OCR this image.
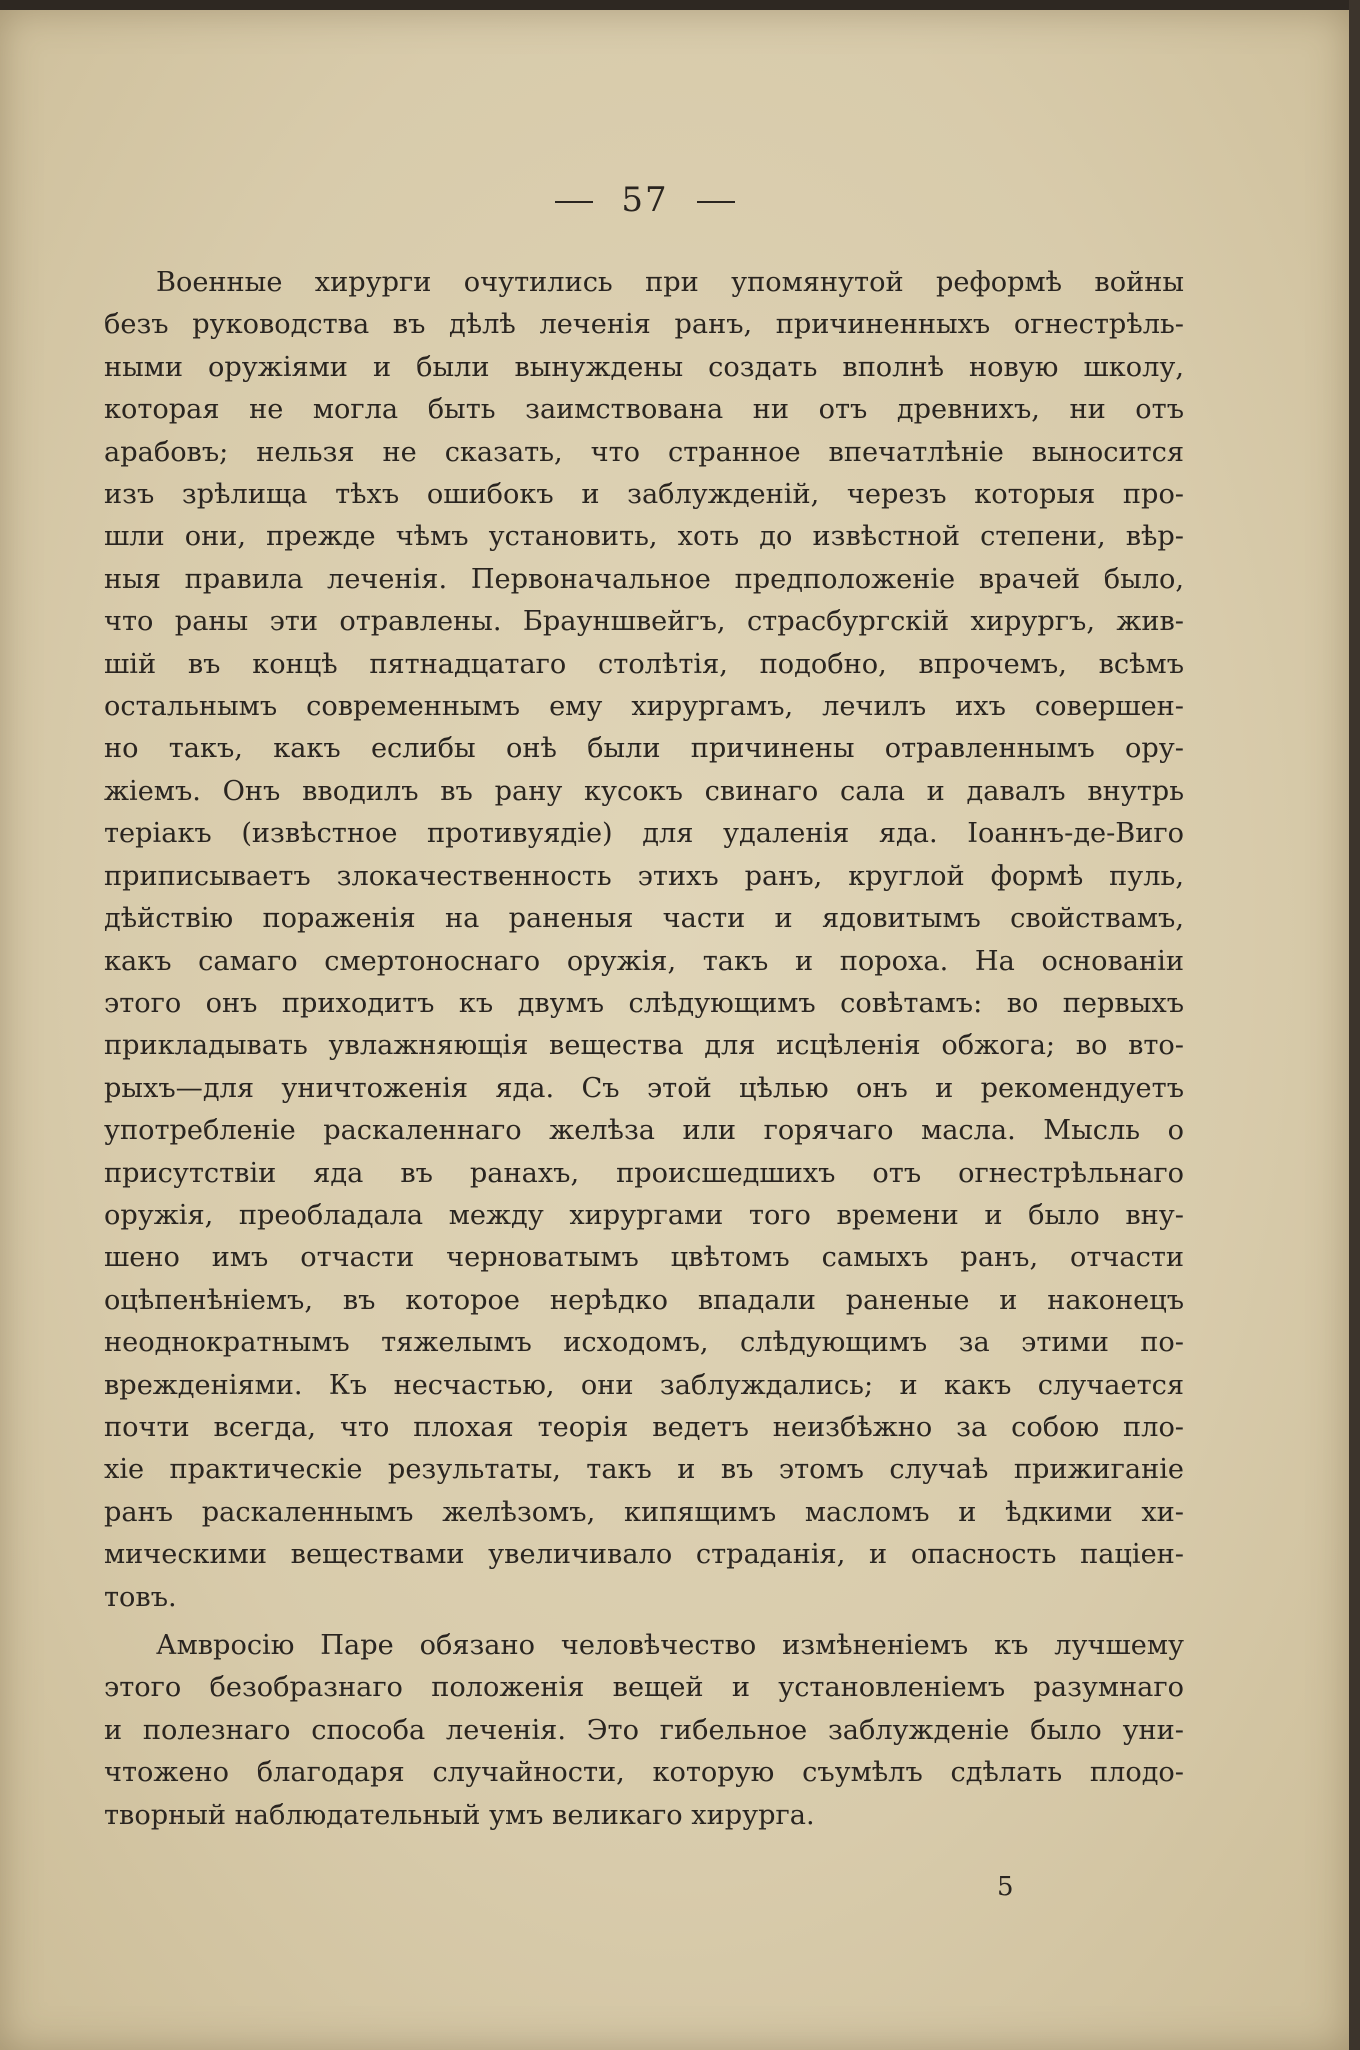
57
Военные хирурги очутились при упомянутой реформѣ войны
безъ руководства въ дѣлѣ леченія ранъ, причиненныхъ огнестрѣль-
ными оружіями и были вынуждены создать вполнѣ новую школу,
которая не могла быть заимствована ни отъ древнихъ, ни отъ
арабовъ; нельзя не сказать, что странное впечатлѣніе выносится
изъ зрѣлища тѣхъ ошибокъ и заблужденій, черезъ которыя про-
шли они, прежде чѣмъ установить, хоть до извѣстной степени, вѣр-
ныя правила леченія. Первоначальное предположеніе врачей было,
что раны эти отравлены. Брауншвейгъ, страсбургскій хирургъ, жив-
шій въ концѣ пятнадцатаго столѣтія, подобно, впрочемъ, всѣмъ
остальнымъ современнымъ ему хирургамъ, лечилъ ихъ совершен-
но такъ, какъ еслибы онѣ были причинены отравленнымъ ору-
жіемъ. Онъ вводилъ въ рану кусокъ свинаго сала и давалъ внутрь
теріакъ (извѣстное противуядіе) для удаленія яда. Іоаннъ-де-Виго
приписываетъ злокачественность этихъ ранъ, круглой формѣ пуль,
дѣйствію пораженія на раненыя части и ядовитымъ свойствамъ,
какъ самаго смертоноснаго оружія, такъ и пороха. На основаніи
этого онъ приходитъ къ двумъ слѣдующимъ совѣтамъ: во первыхъ
прикладывать увлажняющія вещества для исцѣленія обжога; во вто-
рыхъ—для уничтоженія яда. Съ этой цѣлью онъ и рекомендуетъ
употребленіе раскаленнаго желѣза или горячаго масла. Мысль о
присутствіи яда въ ранахъ, происшедшихъ отъ огнестрѣльнаго
оружія, преобладала между хирургами того времени и было вну-
шено имъ отчасти черноватымъ цвѣтомъ самыхъ ранъ, отчасти
оцѣпенѣніемъ, въ которое нерѣдко впадали раненые и наконецъ
неоднократнымъ тяжелымъ исходомъ, слѣдующимъ за этими по-
врежденіями. Къ несчастью, они заблуждались; и какъ случается
почти всегда, что плохая теорія ведетъ неизбѣжно за собою пло-
хіе практическіе результаты, такъ и въ этомъ случаѣ прижиганіе
ранъ раскаленнымъ желѣзомъ, кипящимъ масломъ и ѣдкими хи-
мическими веществами увеличивало страданія, и опасность паціен-
товъ.
Амвросію Паре обязано человѣчество измѣненіемъ къ лучшему
этого безобразнаго положенія вещей и установленіемъ разумнаго
и полезнаго способа леченія. Это гибельное заблужденіе было уни-
чтожено благодаря случайности, которую съумѣлъ сдѣлать плодо-
творный наблюдательный умъ великаго хирурга.
5
